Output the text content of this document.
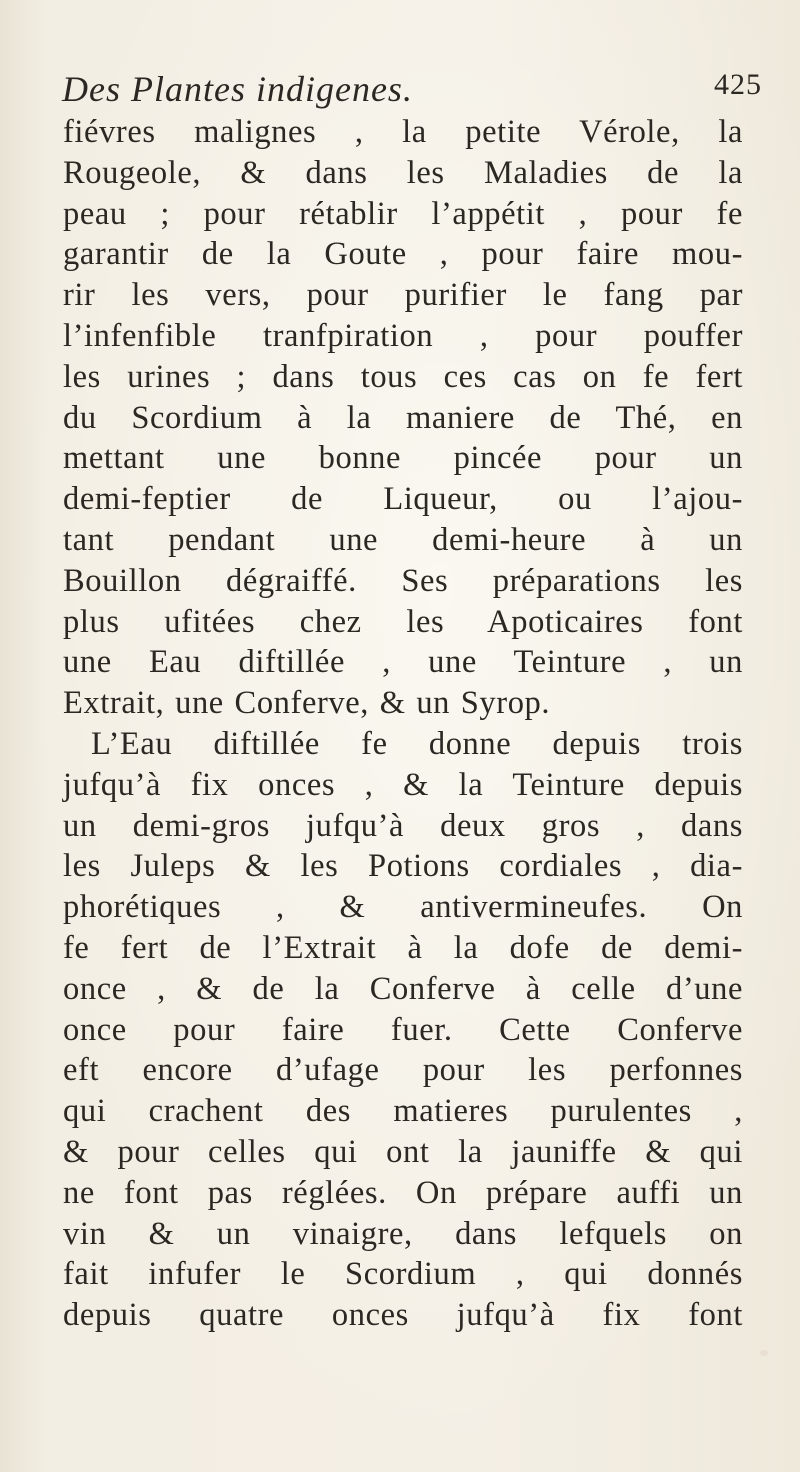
Des Plantes indigenes.	425
fiévres malignes , la petite Vérole, la
Rougeole, & dans les Maladies de la
peau ; pour rétablir l’appétit , pour fe
garantir de la Goute , pour faire mou-
rir les vers, pour purifier le fang par
l’infenfible tranfpiration , pour pouffer
les urines ; dans tous ces cas on fe fert
du Scordium à la maniere de Thé, en
mettant une bonne pincée pour un
demi-feptier de Liqueur, ou l’ajou-
tant pendant une demi-heure à un
Bouillon dégraiffé. Ses préparations les
plus ufitées chez les Apoticaires font
une Eau diftillée , une Teinture , un
Extrait, une Conferve, & un Syrop.
L’Eau diftillée fe donne depuis trois
jufqu’à fix onces , & la Teinture depuis
un demi-gros jufqu’à deux gros , dans
les Juleps & les Potions cordiales , dia-
phorétiques , & antivermineufes. On
fe fert de l’Extrait à la dofe de demi-
once , & de la Conferve à celle d’une
once pour faire fuer. Cette Conferve
eft encore d’ufage pour les perfonnes
qui crachent des matieres purulentes ,
& pour celles qui ont la jauniffe & qui
ne font pas réglées. On prépare auffi un
vin & un vinaigre, dans lefquels on
fait infufer le Scordium , qui donnés
depuis quatre onces jufqu’à fix font
